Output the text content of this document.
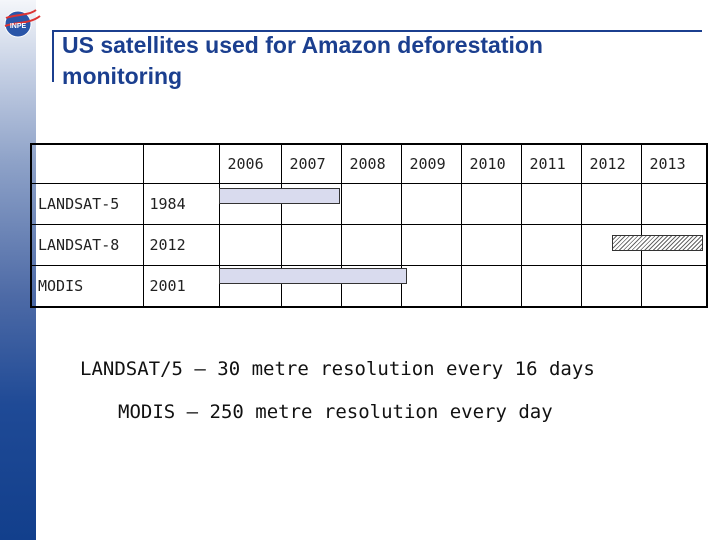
INPE
US satellites used for Amazon deforestation
monitoring
		2006	2007	2008	2009	2010	2011	2012	2013
LANDSAT-5	1984								
LANDSAT-8	2012								
MODIS	2001								
LANDSAT/5 – 30 metre resolution every 16 days
MODIS – 250 metre resolution every day
